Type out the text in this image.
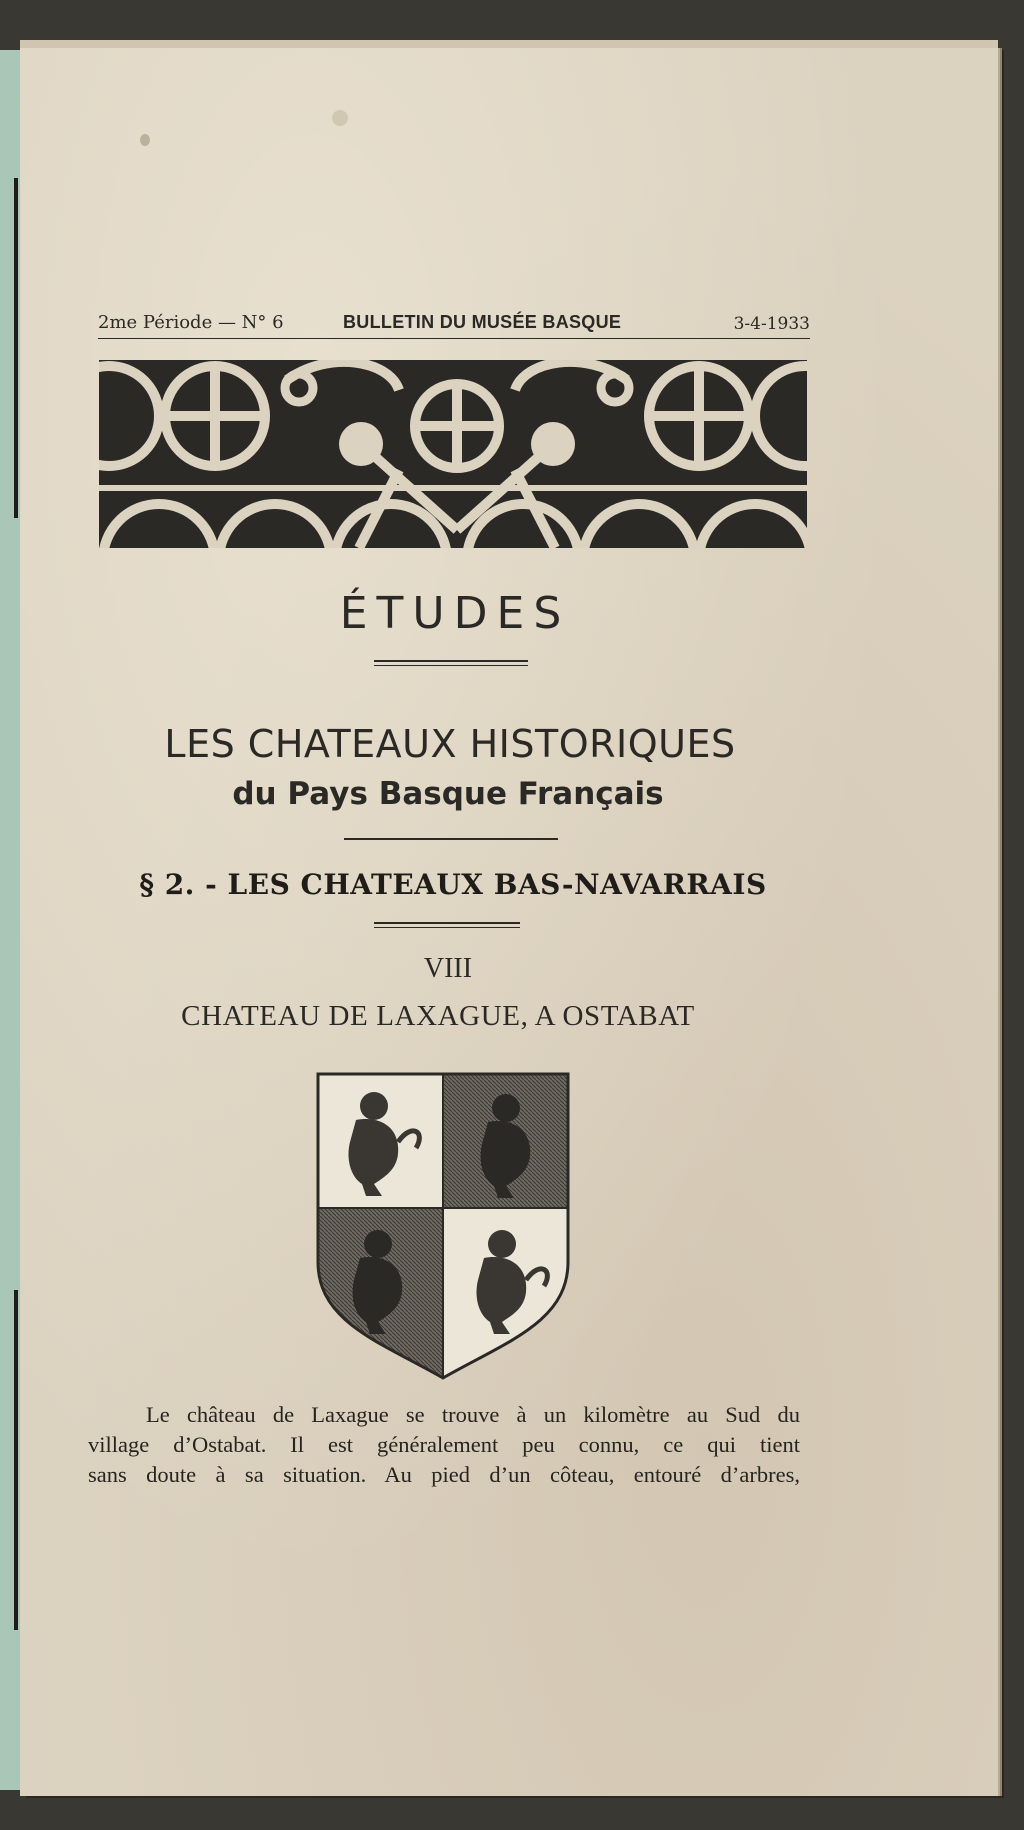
2me Période — N° 6	BULLETIN DU MUSÉE BASQUE	3-4-1933
ÉTUDES
LES CHATEAUX HISTORIQUES
du Pays Basque Français
§ 2. - LES CHATEAUX BAS-NAVARRAIS
VIII
CHATEAU DE LAXAGUE, A OSTABAT
Le château de Laxague se trouve à un kilomètre au Sud du
village d’Ostabat. Il est généralement peu connu, ce qui tient
sans doute à sa situation. Au pied d’un côteau, entouré d’arbres,
